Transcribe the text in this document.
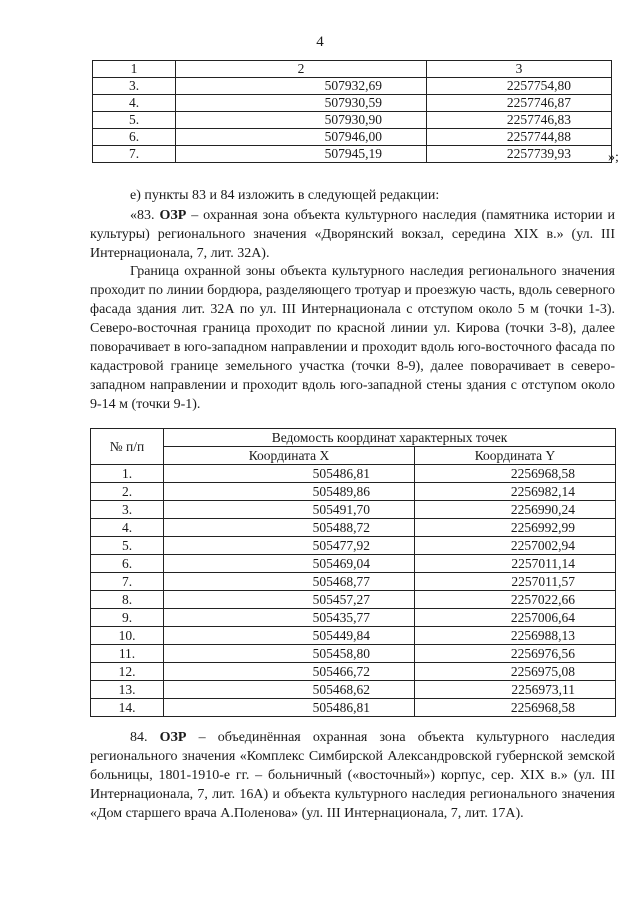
4
1	2	3
3.	507932,69	2257754,80
4.	507930,59	2257746,87
5.	507930,90	2257746,83
6.	507946,00	2257744,88
7.	507945,19	2257739,93	»;

е) пункты 83 и 84 изложить в следующей редакции:

«83. ОЗР – охранная зона объекта культурного наследия (памятника истории и культуры) регионального значения «Дворянский вокзал, середина XIX в.» (ул. III Интернационала, 7, лит. 32А).

Граница охранной зоны объекта культурного наследия регионального значения проходит по линии бордюра, разделяющего тротуар и проезжую часть, вдоль северного фасада здания лит. 32А по ул. III Интернационала с отступом около 5 м (точки 1-3). Северо-восточная граница проходит по красной линии ул. Кирова (точки 3-8), далее поворачивает в юго-западном направлении и проходит вдоль юго-восточного фасада по кадастровой границе земельного участка (точки 8-9), далее поворачивает в северо-западном направлении и проходит вдоль юго-западной стены здания с отступом около 9-14 м (точки 9-1).

№ п/п	Ведомость координат характерных точек	
	Координата X	Координата Y
1.	505486,81	2256968,58
2.	505489,86	2256982,14
3.	505491,70	2256990,24
4.	505488,72	2256992,99
5.	505477,92	2257002,94
6.	505469,04	2257011,14
7.	505468,77	2257011,57
8.	505457,27	2257022,66
9.	505435,77	2257006,64
10.	505449,84	2256988,13
11.	505458,80	2256976,56
12.	505466,72	2256975,08
13.	505468,62	2256973,11
14.	505486,81	2256968,58

84. ОЗР – объединённая охранная зона объекта культурного наследия регионального значения «Комплекс Симбирской Александровской губернской земской больницы, 1801-1910-е гг. – больничный («восточный») корпус, сер. XIX в.» (ул. III Интернационала, 7, лит. 16А) и объекта культурного наследия регионального значения «Дом старшего врача А.Поленова» (ул. III Интернационала, 7, лит. 17А).
